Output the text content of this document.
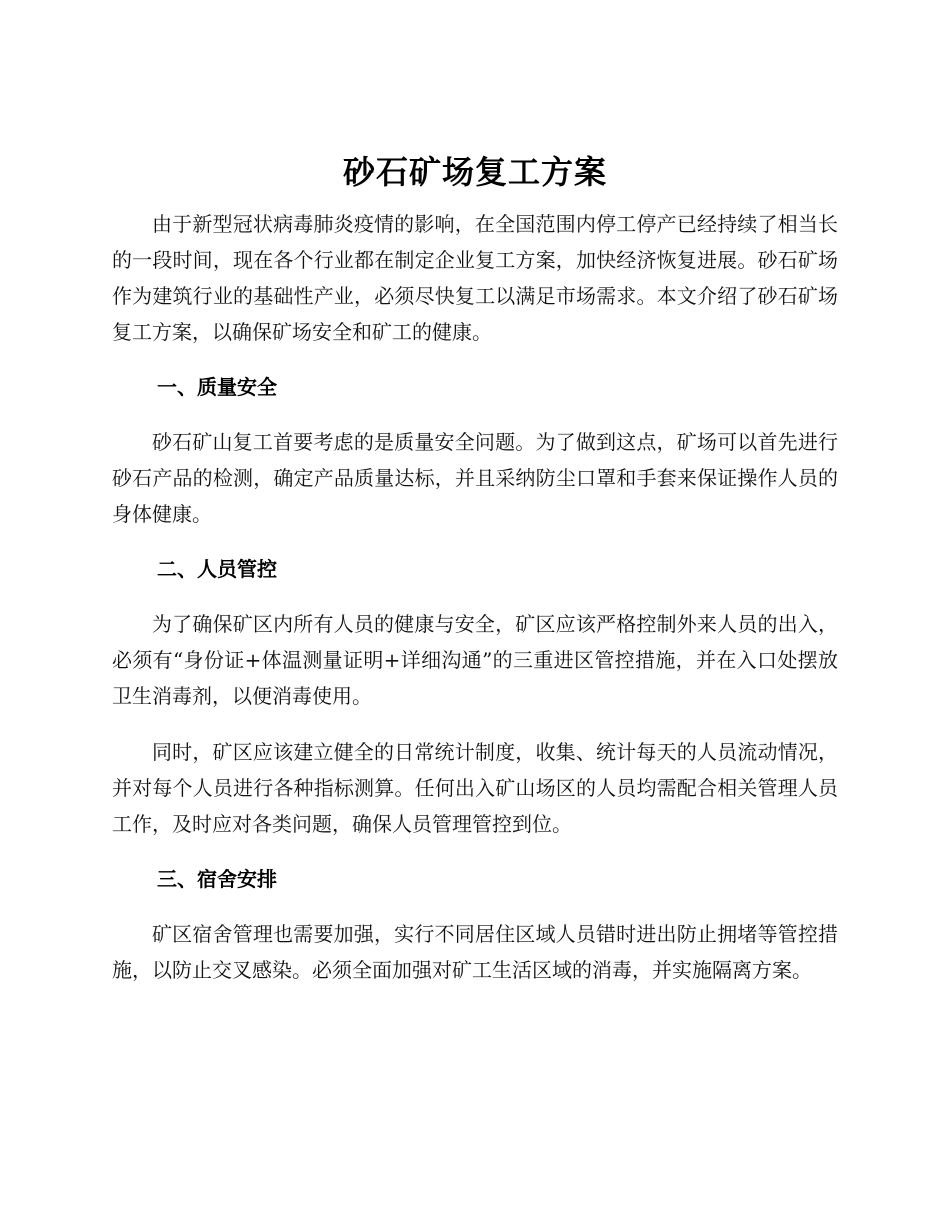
砂石矿场复工方案

由于新型冠状病毒肺炎疫情的影响，在全国范围内停工停产已经持续了相当长的一段时间，现在各个行业都在制定企业复工方案，加快经济恢复进展。砂石矿场作为建筑行业的基础性产业，必须尽快复工以满足市场需求。本文介绍了砂石矿场复工方案，以确保矿场安全和矿工的健康。

一、质量安全

砂石矿山复工首要考虑的是质量安全问题。为了做到这点，矿场可以首先进行砂石产品的检测，确定产品质量达标，并且采纳防尘口罩和手套来保证操作人员的身体健康。

二、人员管控

为了确保矿区内所有人员的健康与安全，矿区应该严格控制外来人员的出入，必须有“身份证+体温测量证明+详细沟通”的三重进区管控措施，并在入口处摆放卫生消毒剂，以便消毒使用。

同时，矿区应该建立健全的日常统计制度，收集、统计每天的人员流动情况，并对每个人员进行各种指标测算。任何出入矿山场区的人员均需配合相关管理人员工作，及时应对各类问题，确保人员管理管控到位。

三、宿舍安排

矿区宿舍管理也需要加强，实行不同居住区域人员错时进出防止拥堵等管控措施，以防止交叉感染。必须全面加强对矿工生活区域的消毒，并实施隔离方案。
